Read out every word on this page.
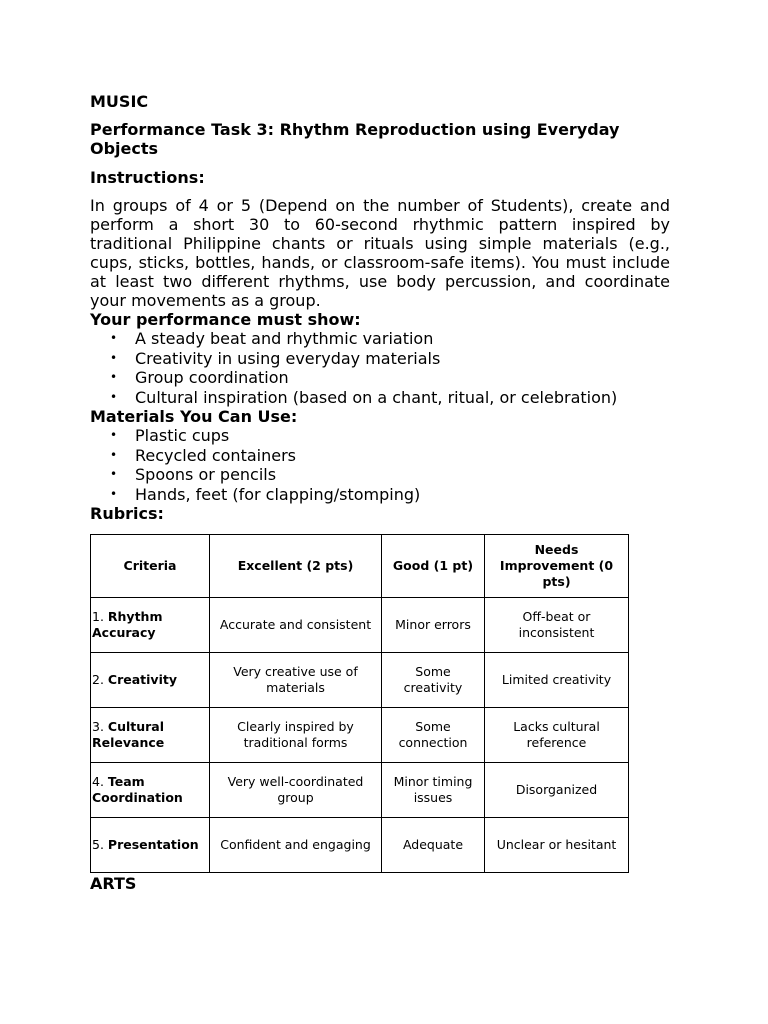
MUSIC
Performance Task 3: Rhythm Reproduction using Everyday Objects
Instructions:

In groups of 4 or 5 (Depend on the number of Students), create and perform a short 30 to 60-second rhythmic pattern inspired by traditional Philippine chants or rituals using simple materials (e.g., cups, sticks, bottles, hands, or classroom-safe items). You must include at least two different rhythms, use body percussion, and coordinate your movements as a group.

Your performance must show:
• A steady beat and rhythmic variation
• Creativity in using everyday materials
• Group coordination
• Cultural inspiration (based on a chant, ritual, or celebration)
Materials You Can Use:
• Plastic cups
• Recycled containers
• Spoons or pencils
• Hands, feet (for clapping/stomping)
Rubrics:
Criteria	Excellent (2 pts)	Good (1 pt)	Needs Improvement (0 pts)
1. Rhythm Accuracy	Accurate and consistent	Minor errors	Off-beat or inconsistent
2. Creativity	Very creative use of materials	Some creativity	Limited creativity
3. Cultural Relevance	Clearly inspired by traditional forms	Some connection	Lacks cultural reference
4. Team Coordination	Very well-coordinated group	Minor timing issues	Disorganized
5. Presentation	Confident and engaging	Adequate	Unclear or hesitant
ARTS
